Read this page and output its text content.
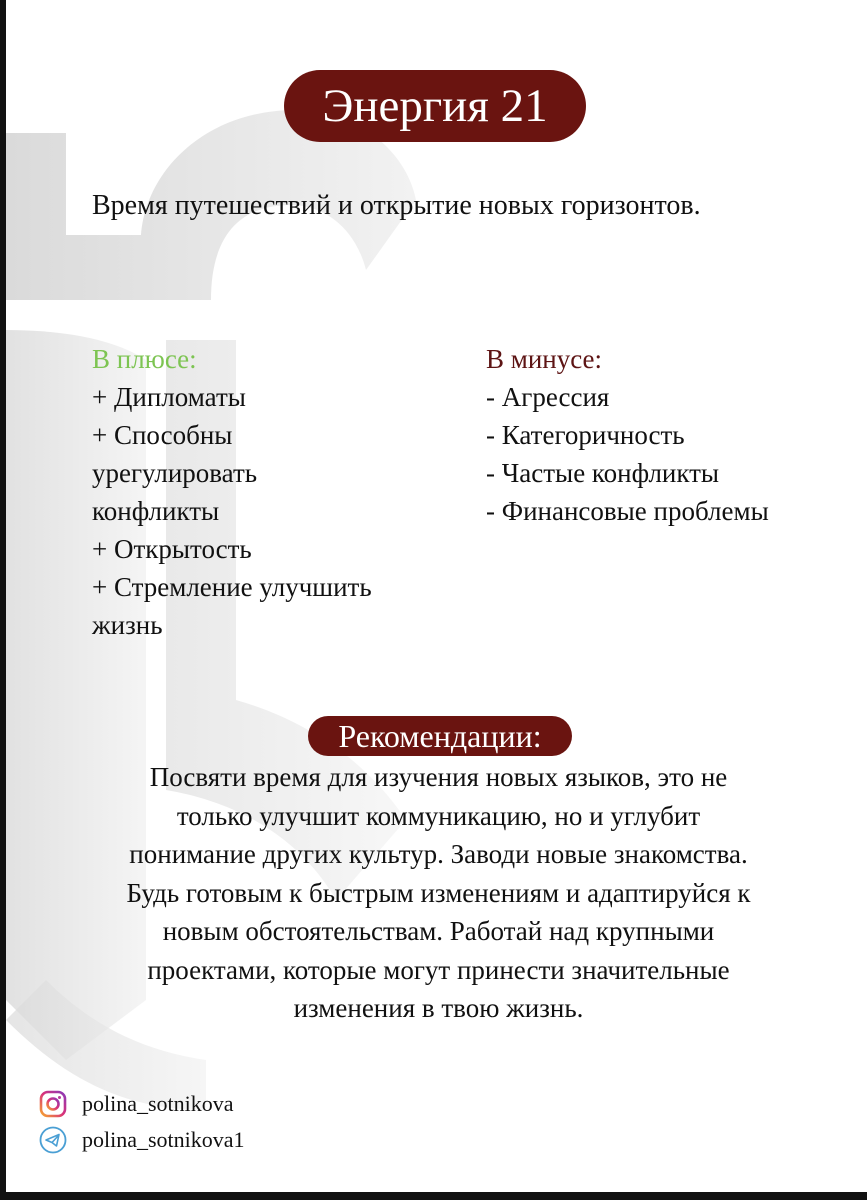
Энергия 21
Время путешествий и открытие новых горизонтов.
В плюсе:
+ Дипломаты
+ Способны
урегулировать
конфликты
+ Открытость
+ Стремление улучшить
жизнь
В минусе:
- Агрессия
- Категоричность
- Частые конфликты
- Финансовые проблемы
Рекомендации:
Посвяти время для изучения новых языков, это не
только улучшит коммуникацию, но и углубит
понимание других культур. Заводи новые знакомства.
Будь готовым к быстрым изменениям и адаптируйся к
новым обстоятельствам. Работай над крупными
проектами, которые могут принести значительные
изменения в твою жизнь.
polina_sotnikova
polina_sotnikova1
